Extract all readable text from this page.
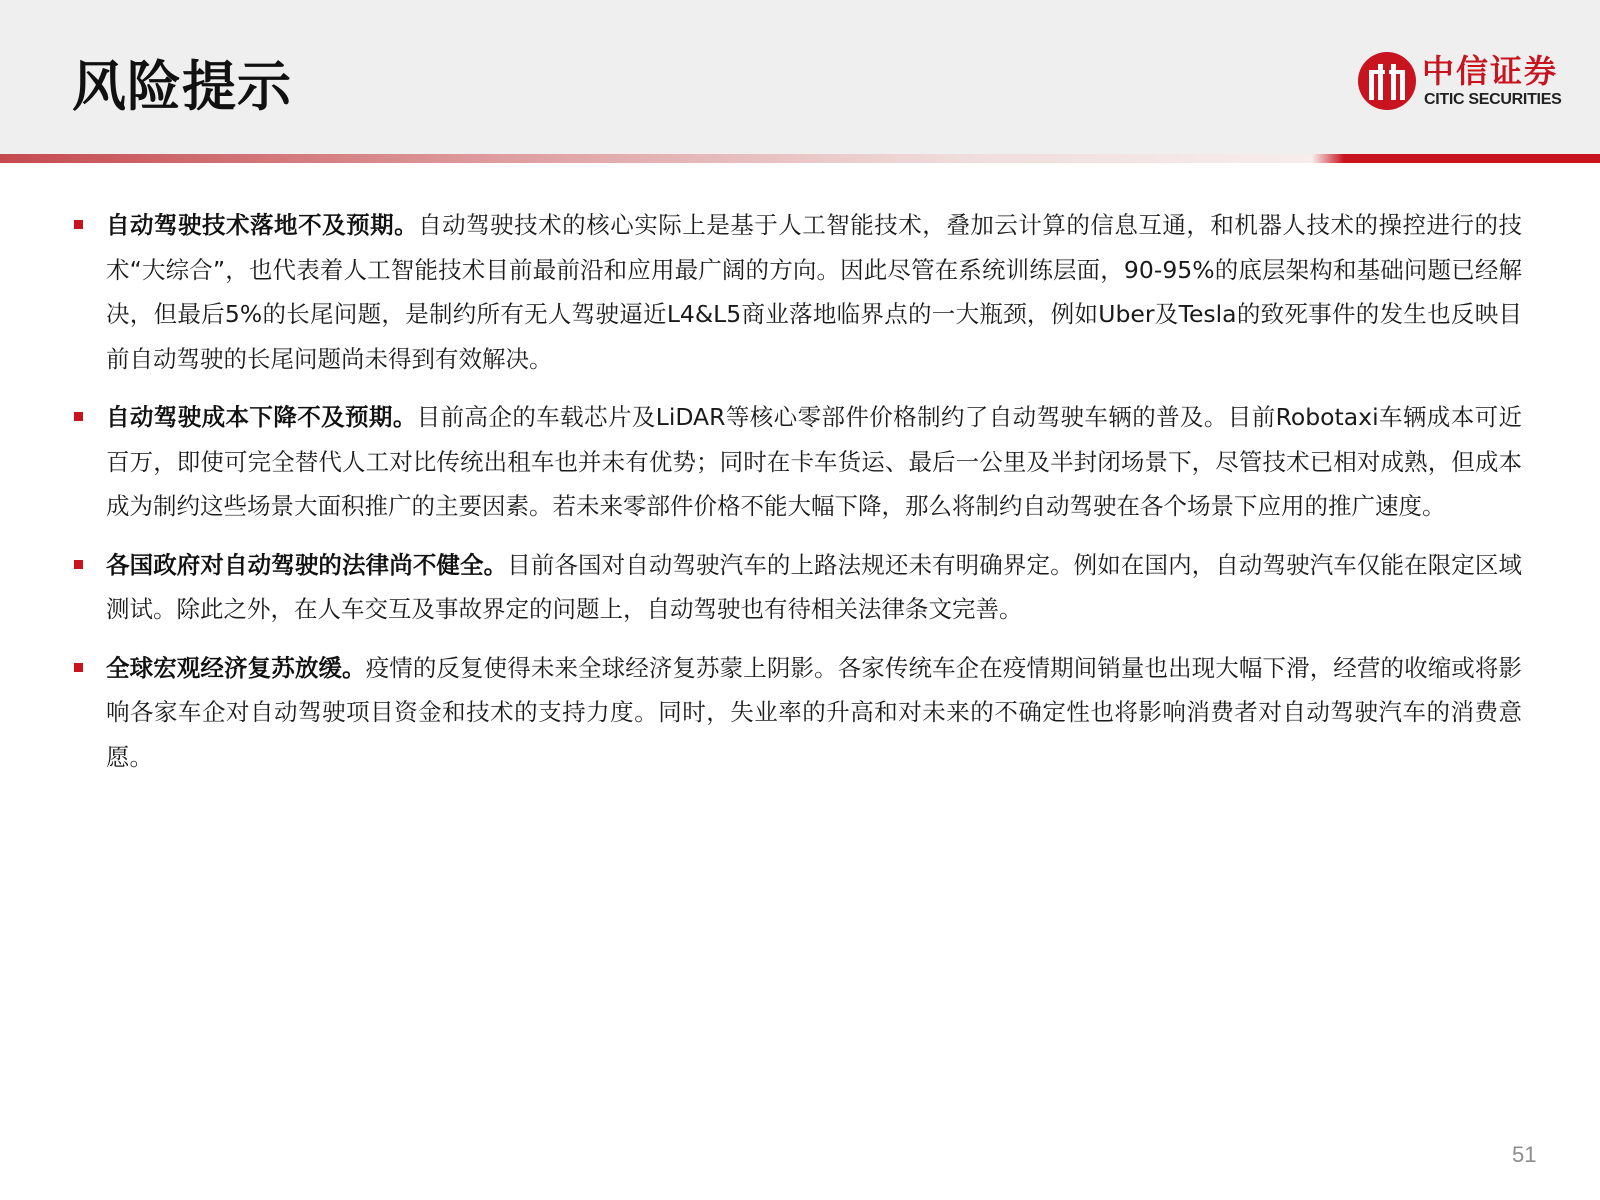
风险提示	中信证券
CITIC SECURITIES

自动驾驶技术落地不及预期。自动驾驶技术的核心实际上是基于人工智能技术，叠加云计算的信息互通，和机器人技术的操控进行的技术“大综合”，也代表着人工智能技术目前最前沿和应用最广阔的方向。因此尽管在系统训练层面，90-95%的底层架构和基础问题已经解决，但最后5%的长尾问题，是制约所有无人驾驶逼近L4&L5商业落地临界点的一大瓶颈，例如Uber及Tesla的致死事件的发生也反映目前自动驾驶的长尾问题尚未得到有效解决。

自动驾驶成本下降不及预期。目前高企的车载芯片及LiDAR等核心零部件价格制约了自动驾驶车辆的普及。目前Robotaxi车辆成本可近百万，即使可完全替代人工对比传统出租车也并未有优势；同时在卡车货运、最后一公里及半封闭场景下，尽管技术已相对成熟，但成本成为制约这些场景大面积推广的主要因素。若未来零部件价格不能大幅下降，那么将制约自动驾驶在各个场景下应用的推广速度。

各国政府对自动驾驶的法律尚不健全。目前各国对自动驾驶汽车的上路法规还未有明确界定。例如在国内，自动驾驶汽车仅能在限定区域测试。除此之外，在人车交互及事故界定的问题上，自动驾驶也有待相关法律条文完善。

全球宏观经济复苏放缓。疫情的反复使得未来全球经济复苏蒙上阴影。各家传统车企在疫情期间销量也出现大幅下滑，经营的收缩或将影响各家车企对自动驾驶项目资金和技术的支持力度。同时，失业率的升高和对未来的不确定性也将影响消费者对自动驾驶汽车的消费意愿。

51
